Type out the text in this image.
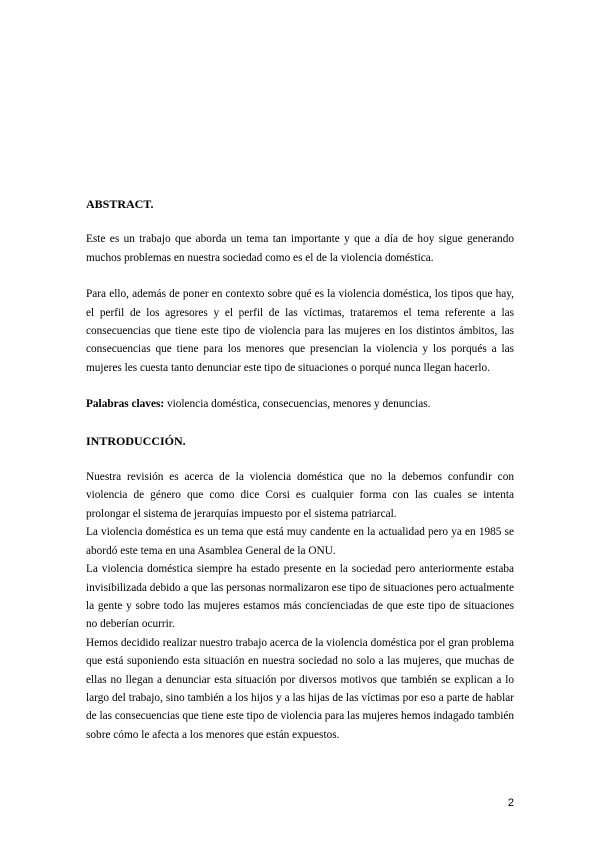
ABSTRACT.

Este es un trabajo que aborda un tema tan importante y que a día de hoy sigue generando muchos problemas en nuestra sociedad como es el de la violencia doméstica.

Para ello, además de poner en contexto sobre qué es la violencia doméstica, los tipos que hay, el perfil de los agresores y el perfil de las víctimas, trataremos el tema referente a las consecuencias que tiene este tipo de violencia para las mujeres en los distintos ámbitos, las consecuencias que tiene para los menores que presencian la violencia y los porqués a las mujeres les cuesta tanto denunciar este tipo de situaciones o porqué nunca llegan hacerlo.

Palabras claves: violencia doméstica, consecuencias, menores y denuncias.

INTRODUCCIÓN.

Nuestra revisión es acerca de la violencia doméstica que no la debemos confundir con violencia de género que como dice Corsi es cualquier forma con las cuales se intenta prolongar el sistema de jerarquías impuesto por el sistema patriarcal.

La violencia doméstica es un tema que está muy candente en la actualidad pero ya en 1985 se abordó este tema en una Asamblea General de la ONU.

La violencia doméstica siempre ha estado presente en la sociedad pero anteriormente estaba invisibilizada debido a que las personas normalizaron ese tipo de situaciones pero actualmente la gente y sobre todo las mujeres estamos más concienciadas de que este tipo de situaciones no deberían ocurrir.

Hemos decidido realizar nuestro trabajo acerca de la violencia doméstica por el gran problema que está suponiendo esta situación en nuestra sociedad no solo a las mujeres, que muchas de ellas no llegan a denunciar esta situación por diversos motivos que también se explican a lo largo del trabajo, sino también a los hijos y a las hijas de las víctimas por eso a parte de hablar de las consecuencias que tiene este tipo de violencia para las mujeres hemos indagado también sobre cómo le afecta a los menores que están expuestos.

2
